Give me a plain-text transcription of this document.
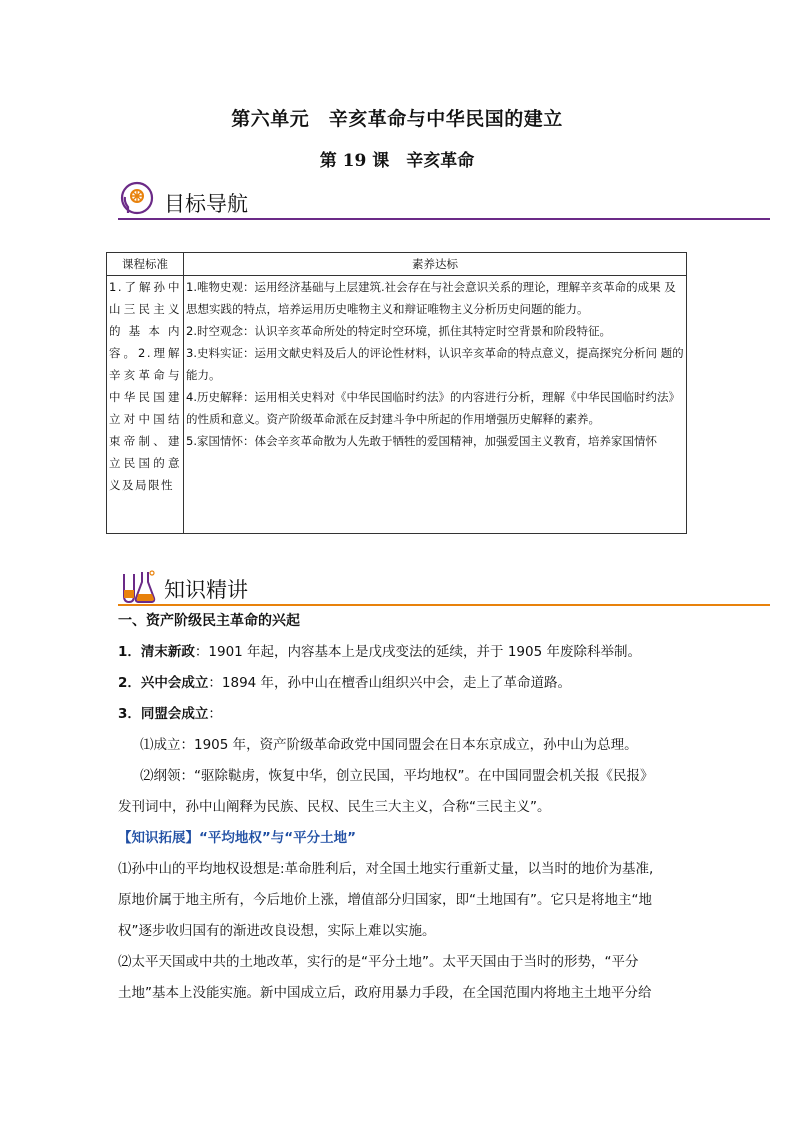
第六单元　辛亥革命与中华民国的建立
第 19 课　辛亥革命
目标导航
课程标准	素养达标
1.了解孙中山三民主义的基本内容。2.理解辛亥革命与中华民国建立对中国结束帝制、建立民国的意义及局限性	1.唯物史观：运用经济基础与上层建筑.社会存在与社会意识关系的理论，理解辛亥革命的成果 及思想实践的特点，培养运用历史唯物主义和辩证唯物主义分析历史问题的能力。

2.时空观念：认识辛亥革命所处的特定时空环境，抓住其特定时空背景和阶段特征。

3.史料实证：运用文献史料及后人的评论性材料，认识辛亥革命的特点意义，提高探究分析问 题的能力。

4.历史解释：运用相关史料对《中华民国临时约法》的内容进行分析，理解《中华民国临时约法》 的性质和意义。资产阶级革命派在反封建斗争中所起的作用增强历史解释的素养。

5.家国情怀：体会辛亥革命散为人先敢于牺牲的爱国精神，加强爱国主义教育，培养家国情怀

知识精讲

一、资产阶级民主革命的兴起

1．清末新政：1901 年起，内容基本上是戊戌变法的延续，并于 1905 年废除科举制。

2．兴中会成立：1894 年，孙中山在檀香山组织兴中会，走上了革命道路。

3．同盟会成立：

⑴成立：1905 年，资产阶级革命政党中国同盟会在日本东京成立，孙中山为总理。

⑵纲领：“驱除鞑虏，恢复中华，创立民国，平均地权”。在中国同盟会机关报《民报》

发刊词中，孙中山阐释为民族、民权、民生三大主义，合称“三民主义”。

【知识拓展】“平均地权”与“平分土地”

⑴孙中山的平均地权设想是:革命胜利后，对全国土地实行重新丈量，以当时的地价为基准,

原地价属于地主所有，今后地价上涨，增值部分归国家，即“土地国有”。它只是将地主“地

权”逐步收归国有的渐进改良设想，实际上难以实施。

⑵太平天国或中共的土地改革，实行的是“平分土地”。太平天国由于当时的形势，“平分

土地”基本上没能实施。新中国成立后，政府用暴力手段，在全国范围内将地主土地平分给
